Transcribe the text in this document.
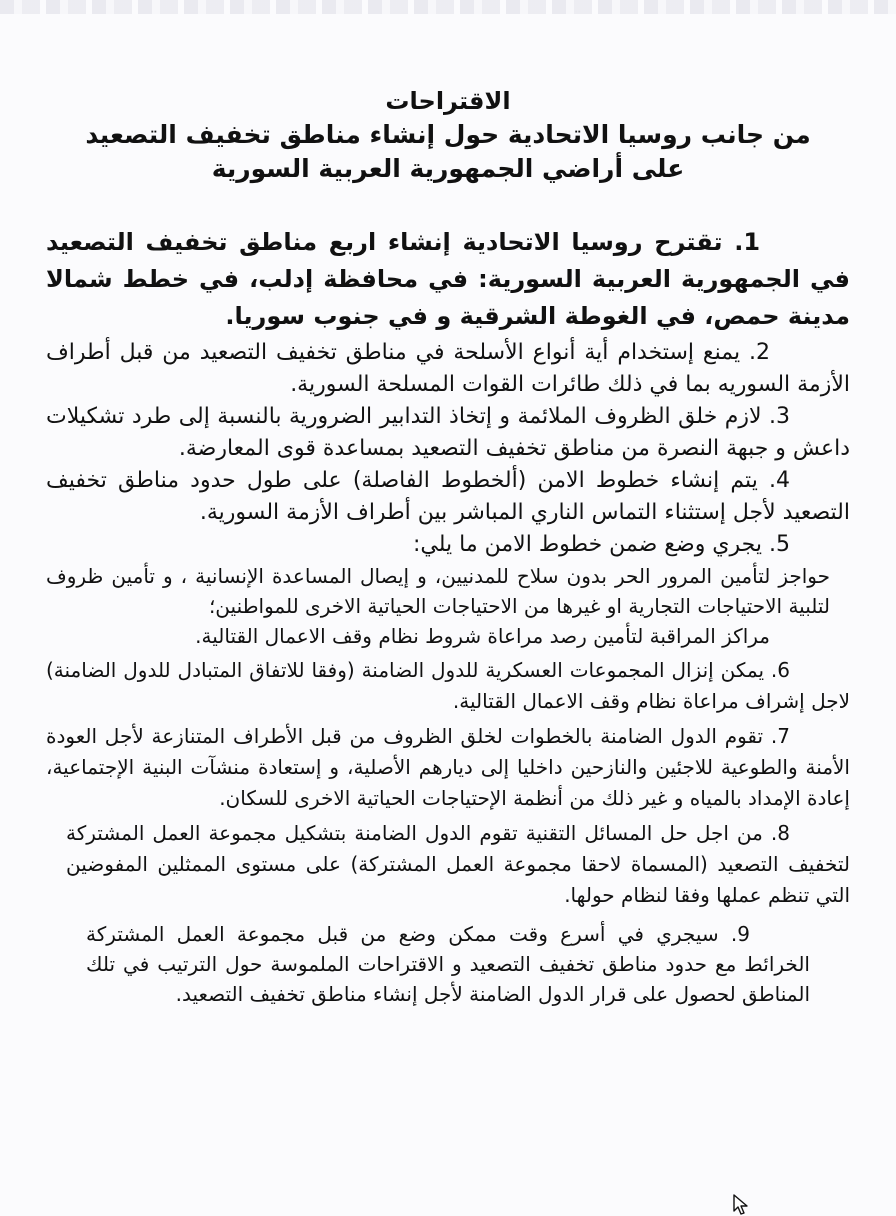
الاقتراحات
من جانب روسيا الاتحادية حول إنشاء مناطق تخفيف التصعيد
على أراضي الجمهورية العربية السورية

1. تقترح روسيا الاتحادية إنشاء اربع مناطق تخفيف التصعيد في الجمهورية العربية السورية: في محافظة إدلب، في خطط شمالا مدينة حمص، في الغوطة الشرقية و في جنوب سوريا.

2. يمنع إستخدام أية أنواع الأسلحة في مناطق تخفيف التصعيد من قبل أطراف الأزمة السوريه بما في ذلك طائرات القوات المسلحة السورية.

3. لازم خلق الظروف الملائمة و إتخاذ التدابير الضرورية بالنسبة إلى طرد تشكيلات داعش و جبهة النصرة من مناطق تخفيف التصعيد بمساعدة قوى المعارضة.

4. يتم إنشاء خطوط الامن (ألخطوط الفاصلة) على طول حدود مناطق تخفيف التصعيد لأجل إستثناء التماس الناري المباشر بين أطراف الأزمة السورية.

5. يجري وضع ضمن خطوط الامن ما يلي:

حواجز لتأمين المرور الحر بدون سلاح للمدنيين، و إيصال المساعدة الإنسانية ، و تأمين ظروف لتلبية الاحتياجات التجارية او غيرها من الاحتياجات الحياتية الاخرى للمواطنين؛

مراكز المراقبة لتأمين رصد مراعاة شروط نظام وقف الاعمال القتالية.

6. يمكن إنزال المجموعات العسكرية للدول الضامنة (وفقا للاتفاق المتبادل للدول الضامنة) لاجل إشراف مراعاة نظام وقف الاعمال القتالية.

7. تقوم الدول الضامنة بالخطوات لخلق الظروف من قبل الأطراف المتنازعة لأجل العودة الأمنة والطوعية للاجئين والنازحين داخليا إلى ديارهم الأصلية، و إستعادة منشآت البنية الإجتماعية، إعادة الإمداد بالمياه و غير ذلك من أنظمة الإحتياجات الحياتية الاخرى للسكان.

8. من اجل حل المسائل التقنية تقوم الدول الضامنة بتشكيل مجموعة العمل المشتركة لتخفيف التصعيد (المسماة لاحقا مجموعة العمل المشتركة) على مستوى الممثلين المفوضين التي تنظم عملها وفقا لنظام حولها.

9. سيجري في أسرع وقت ممكن وضع من قبل مجموعة العمل المشتركة الخرائط مع حدود مناطق تخفيف التصعيد و الاقتراحات الملموسة حول الترتيب في تلك المناطق لحصول على قرار الدول الضامنة لأجل إنشاء مناطق تخفيف التصعيد.
